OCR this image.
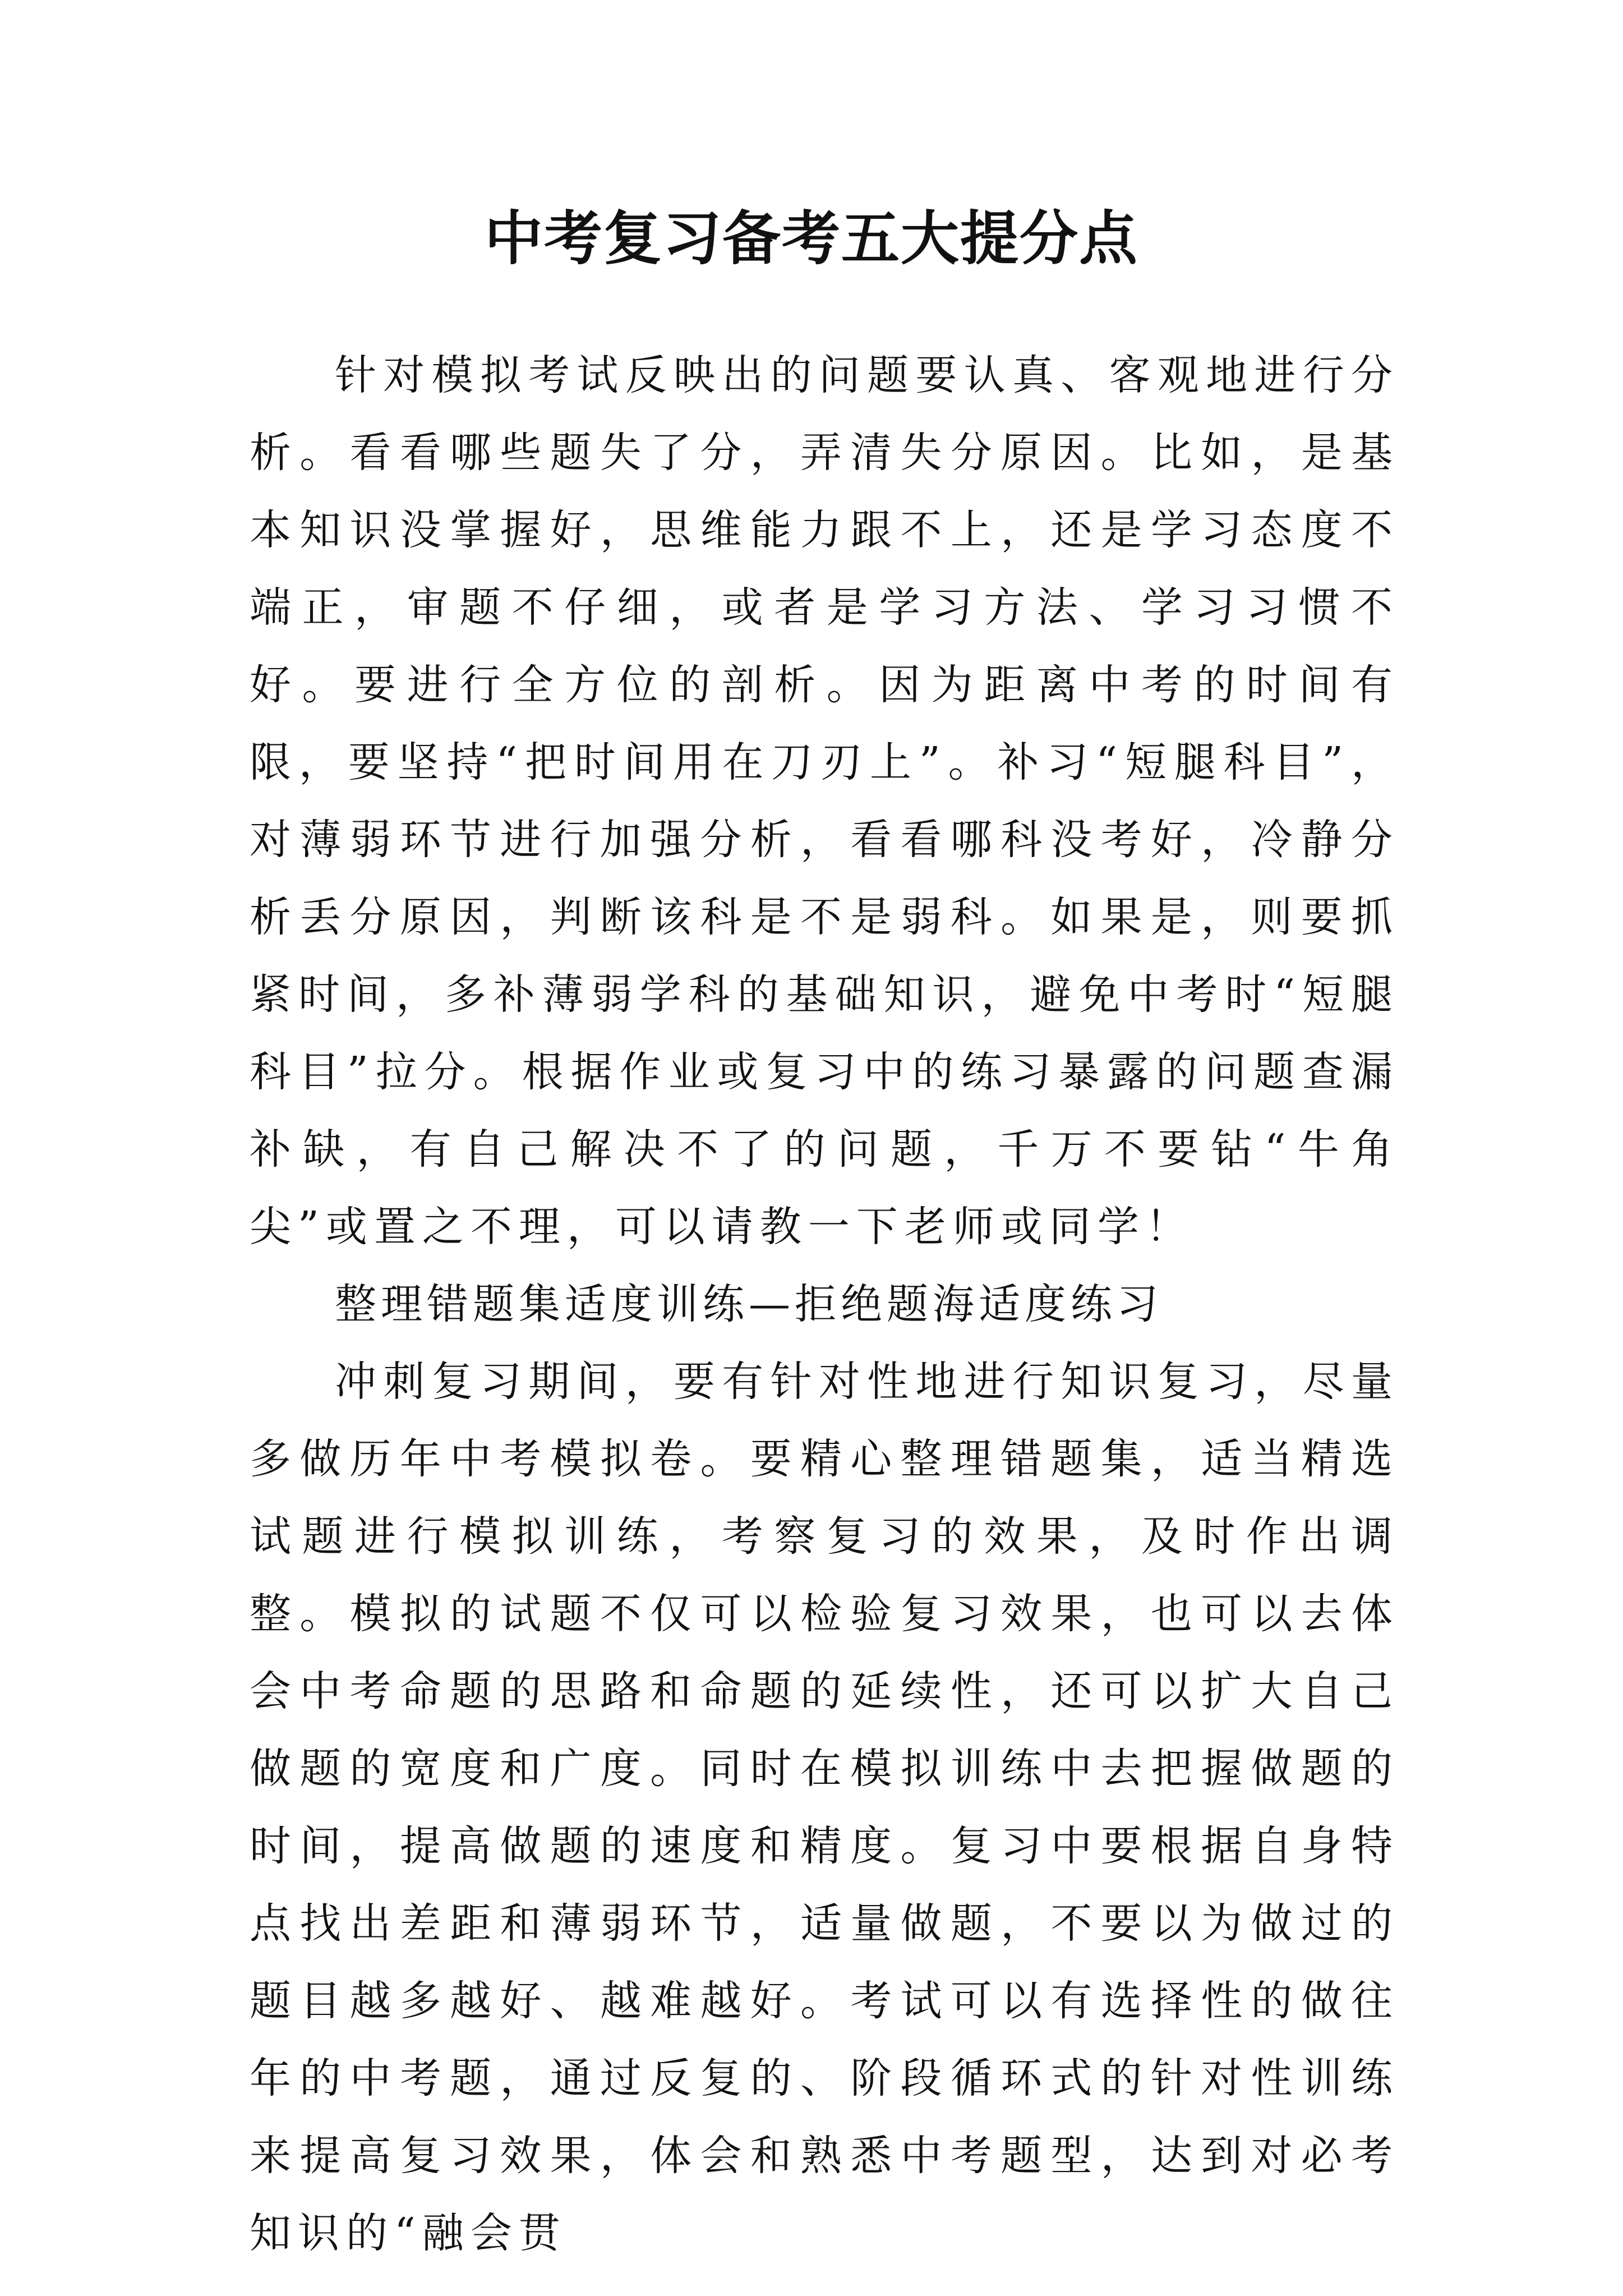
中考复习备考五大提分点

针对模拟考试反映出的问题要认真、客观地进行分析。看看哪些题失了分，弄清失分原因。比如，是基本知识没掌握好，思维能力跟不上，还是学习态度不端正，审题不仔细，或者是学习方法、学习习惯不好。要进行全方位的剖析。因为距离中考的时间有限，要坚持“把时间用在刀刃上”。补习“短腿科目”，对薄弱环节进行加强分析，看看哪科没考好，冷静分析丢分原因，判断该科是不是弱科。如果是，则要抓紧时间，多补薄弱学科的基础知识，避免中考时“短腿科目”拉分。根据作业或复习中的练习暴露的问题查漏补缺，有自己解决不了的问题，千万不要钻“牛角尖”或置之不理，可以请教一下老师或同学！

整理错题集适度训练—拒绝题海适度练习

冲刺复习期间，要有针对性地进行知识复习，尽量多做历年中考模拟卷。要精心整理错题集，适当精选试题进行模拟训练，考察复习的效果，及时作出调整。模拟的试题不仅可以检验复习效果，也可以去体会中考命题的思路和命题的延续性，还可以扩大自己做题的宽度和广度。同时在模拟训练中去把握做题的时间，提高做题的速度和精度。复习中要根据自身特点找出差距和薄弱环节，适量做题，不要以为做过的题目越多越好、越难越好。考试可以有选择性的做往年的中考题，通过反复的、阶段循环式的针对性训练来提高复习效果，体会和熟悉中考题型，达到对必考知识的“融会贯
